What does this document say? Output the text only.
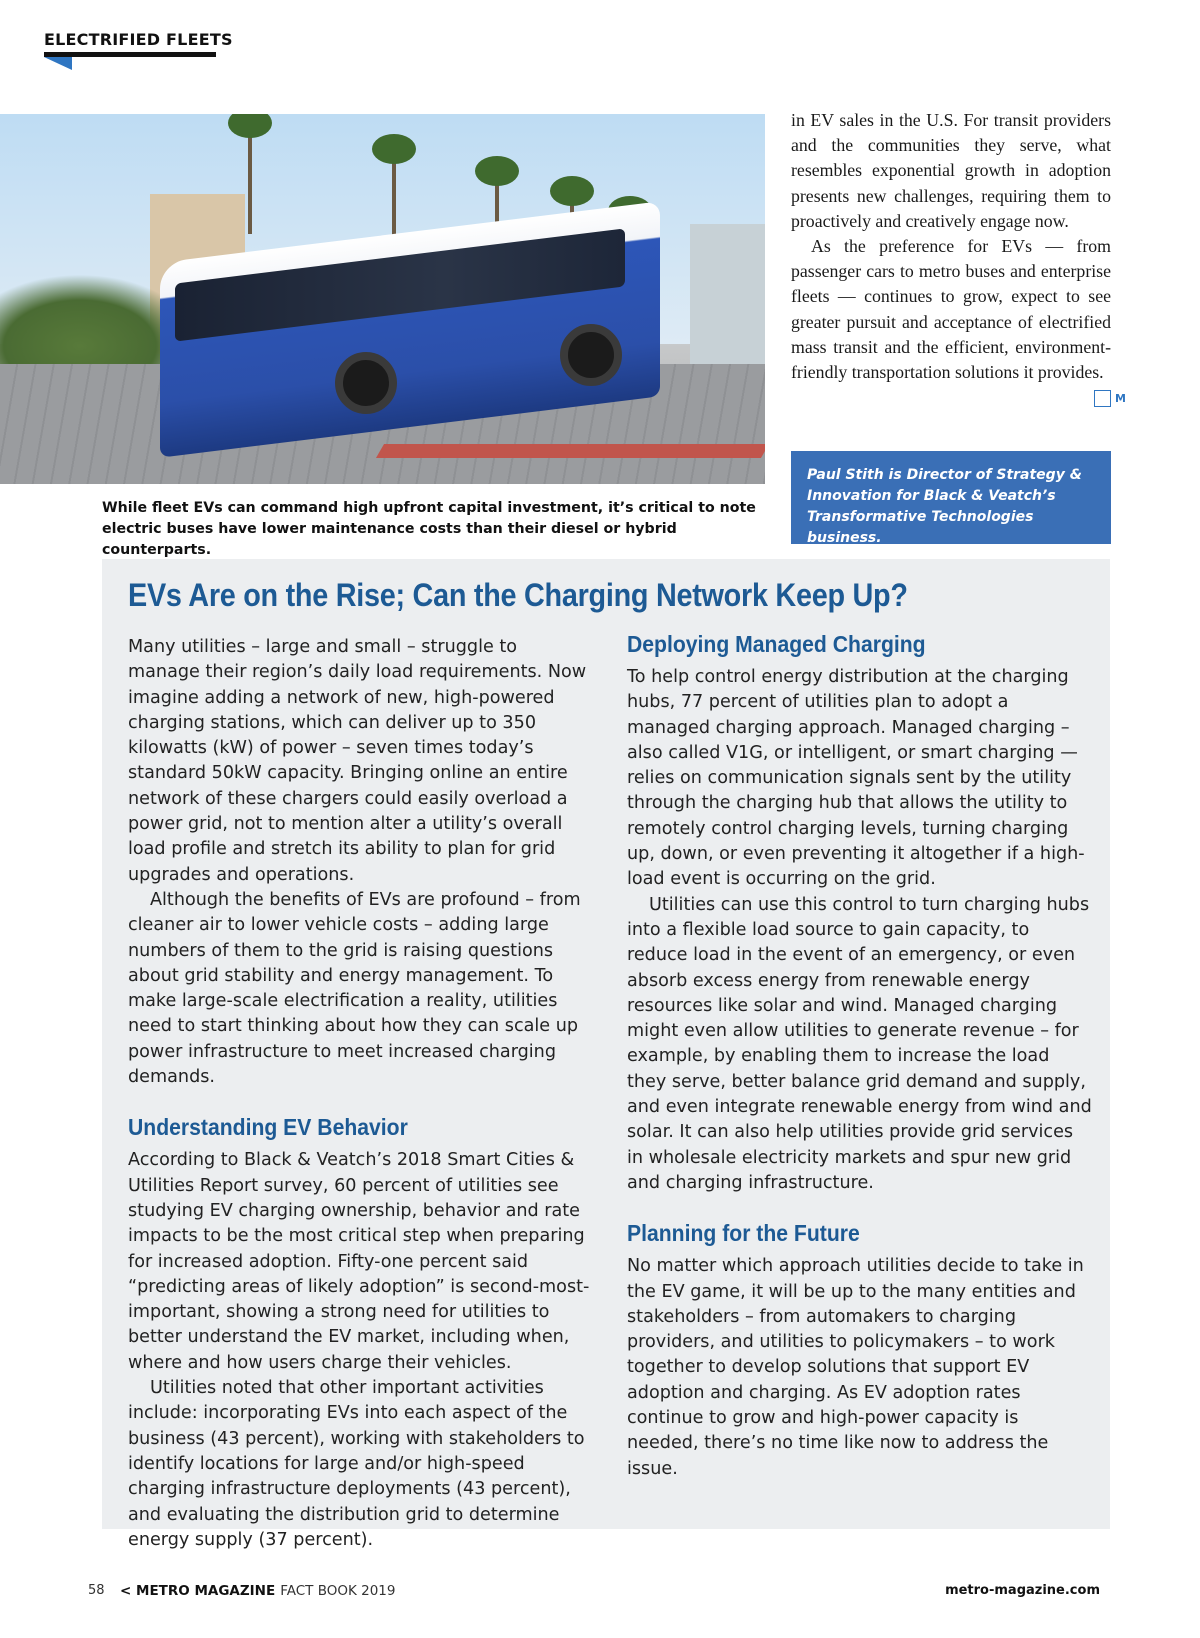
ELECTRIFIED FLEETS
While fleet EVs can command high upfront capital investment, it’s critical to note electric buses have lower maintenance costs than their diesel or hybrid counterparts.

in EV sales in the U.S. For transit providers and the communities they serve, what resembles exponential growth in adoption presents new challenges, requiring them to proactively and creatively engage now.

As the preference for EVs — from passenger cars to metro buses and enterprise fleets — continues to grow, expect to see greater pursuit and acceptance of electrified mass transit and the efficient, environment-friendly transportation solutions it provides.
M

Paul Stith is Director of Strategy & Innovation for Black & Veatch’s Transformative Technologies business.
EVs Are on the Rise; Can the Charging Network Keep Up?

Many utilities – large and small – struggle to manage their region’s daily load requirements. Now imagine adding a network of new, high-powered charging stations, which can deliver up to 350 kilowatts (kW) of power – seven times today’s standard 50kW capacity. Bringing online an entire network of these chargers could easily overload a power grid, not to mention alter a utility’s overall load profile and stretch its ability to plan for grid upgrades and operations.

Although the benefits of EVs are profound – from cleaner air to lower vehicle costs – adding large numbers of them to the grid is raising questions about grid stability and energy management. To make large-scale electrification a reality, utilities need to start thinking about how they can scale up power infrastructure to meet increased charging demands.

Understanding EV Behavior

According to Black & Veatch’s 2018 Smart Cities & Utilities Report survey, 60 percent of utilities see studying EV charging ownership, behavior and rate impacts to be the most critical step when preparing for increased adoption. Fifty-one percent said “predicting areas of likely adoption” is second-most-important, showing a strong need for utilities to better understand the EV market, including when, where and how users charge their vehicles.

Utilities noted that other important activities include: incorporating EVs into each aspect of the business (43 percent), working with stakeholders to identify locations for large and/or high-speed charging infrastructure deployments (43 percent), and evaluating the distribution grid to determine energy supply (37 percent).

Deploying Managed Charging

To help control energy distribution at the charging hubs, 77 percent of utilities plan to adopt a managed charging approach. Managed charging – also called V1G, or intelligent, or smart charging — relies on communication signals sent by the utility through the charging hub that allows the utility to remotely control charging levels, turning charging up, down, or even preventing it altogether if a high-load event is occurring on the grid.

Utilities can use this control to turn charging hubs into a flexible load source to gain capacity, to reduce load in the event of an emergency, or even absorb excess energy from renewable energy resources like solar and wind. Managed charging might even allow utilities to generate revenue – for example, by enabling them to increase the load they serve, better balance grid demand and supply, and even integrate renewable energy from wind and solar. It can also help utilities provide grid services in wholesale electricity markets and spur new grid and charging infrastructure.

Planning for the Future

No matter which approach utilities decide to take in the EV game, it will be up to the many entities and stakeholders – from automakers to charging providers, and utilities to policymakers – to work together to develop solutions that support EV adoption and charging. As EV adoption rates continue to grow and high-power capacity is needed, there’s no time like now to address the issue.

58 < METRO MAGAZINE FACT BOOK 2019	metro-magazine.com
